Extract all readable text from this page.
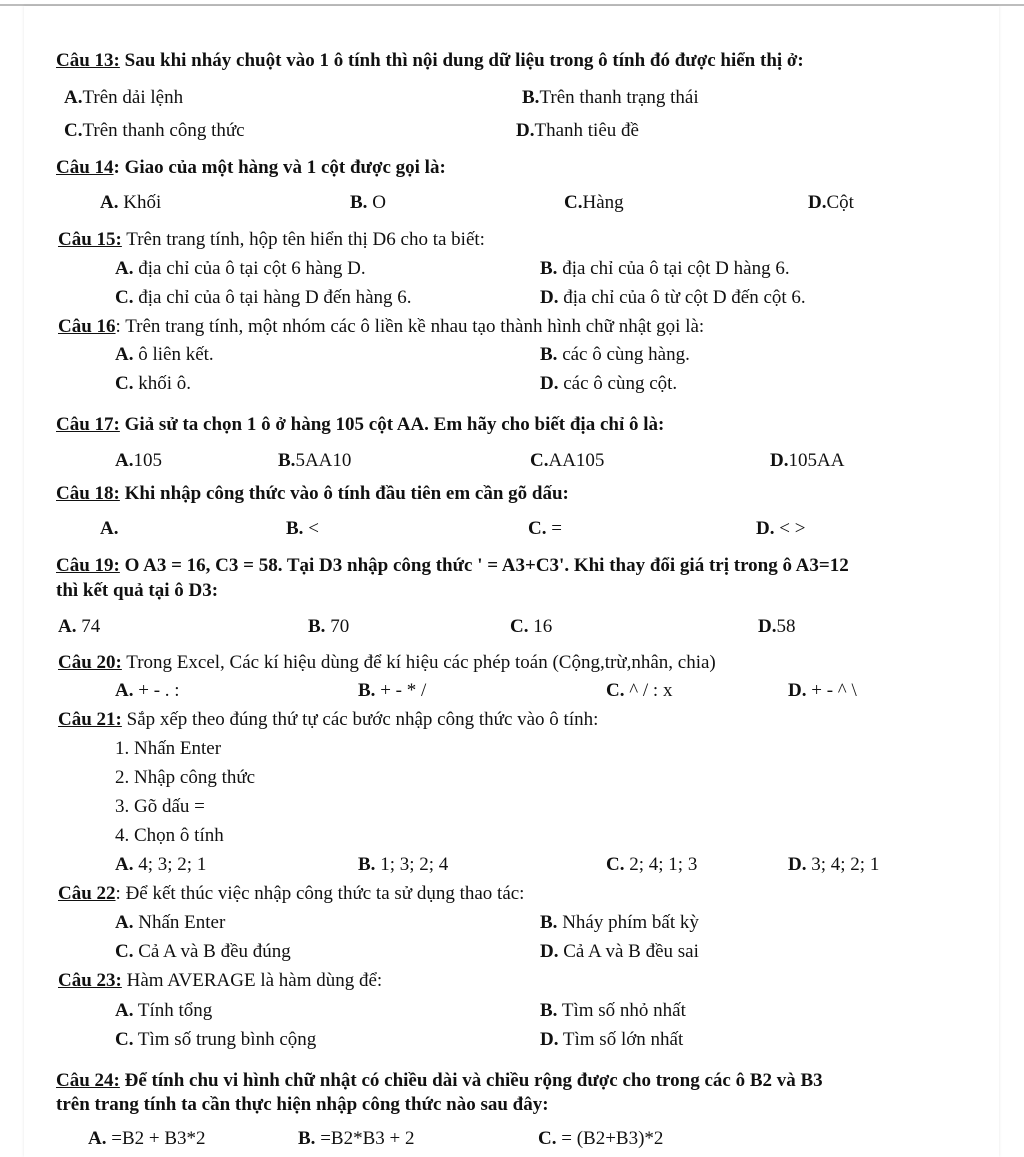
Câu 13: Sau khi nháy chuột vào 1 ô tính thì nội dung dữ liệu trong ô tính đó được hiển thị ở:
A.Trên dải lệnh	B.Trên thanh trạng thái
C.Trên thanh công thức	D.Thanh tiêu đề
Câu 14: Giao của một hàng và 1 cột được gọi là:
A. Khối	B. O	C.Hàng	D.Cột
Câu 15: Trên trang tính, hộp tên hiển thị D6 cho ta biết:
A. địa chỉ của ô tại cột 6 hàng D.	B. địa chỉ của ô tại cột D hàng 6.
C. địa chỉ của ô tại hàng D đến hàng 6.	D. địa chỉ của ô từ cột D đến cột 6.
Câu 16: Trên trang tính, một nhóm các ô liền kề nhau tạo thành hình chữ nhật gọi là:
A. ô liên kết.	B. các ô cùng hàng.
C. khối ô.	D. các ô cùng cột.
Câu 17: Giả sử ta chọn 1 ô ở hàng 105 cột AA. Em hãy cho biết địa chỉ ô là:
A.105	B.5AA10	C.AA105	D.105AA
Câu 18: Khi nhập công thức vào ô tính đầu tiên em cần gõ dấu:
A.	B. <	C. =	D. < >
Câu 19: O A3 = 16, C3 = 58. Tại D3 nhập công thức ' = A3+C3'. Khi thay đổi giá trị trong ô A3=12
thì kết quả tại ô D3:
A. 74	B. 70	C. 16	D.58
Câu 20: Trong Excel, Các kí hiệu dùng để kí hiệu các phép toán (Cộng,trừ,nhân, chia)
A. + - . :	B. + - * /	C. ^ / : x	D. + - ^ \
Câu 21: Sắp xếp theo đúng thứ tự các bước nhập công thức vào ô tính:
1. Nhấn Enter
2. Nhập công thức
3. Gõ dấu =
4. Chọn ô tính
A. 4; 3; 2; 1	B. 1; 3; 2; 4	C. 2; 4; 1; 3	D. 3; 4; 2; 1
Câu 22: Để kết thúc việc nhập công thức ta sử dụng thao tác:
A. Nhấn Enter	B. Nháy phím bất kỳ
C. Cả A và B đều đúng	D. Cả A và B đều sai
Câu 23: Hàm AVERAGE là hàm dùng để:
A. Tính tổng	B. Tìm số nhỏ nhất
C. Tìm số trung bình cộng	D. Tìm số lớn nhất
Câu 24: Để tính chu vi hình chữ nhật có chiều dài và chiều rộng được cho trong các ô B2 và B3
trên trang tính ta cần thực hiện nhập công thức nào sau đây:
A. =B2 + B3*2	B. =B2*B3 + 2	C. = (B2+B3)*2
